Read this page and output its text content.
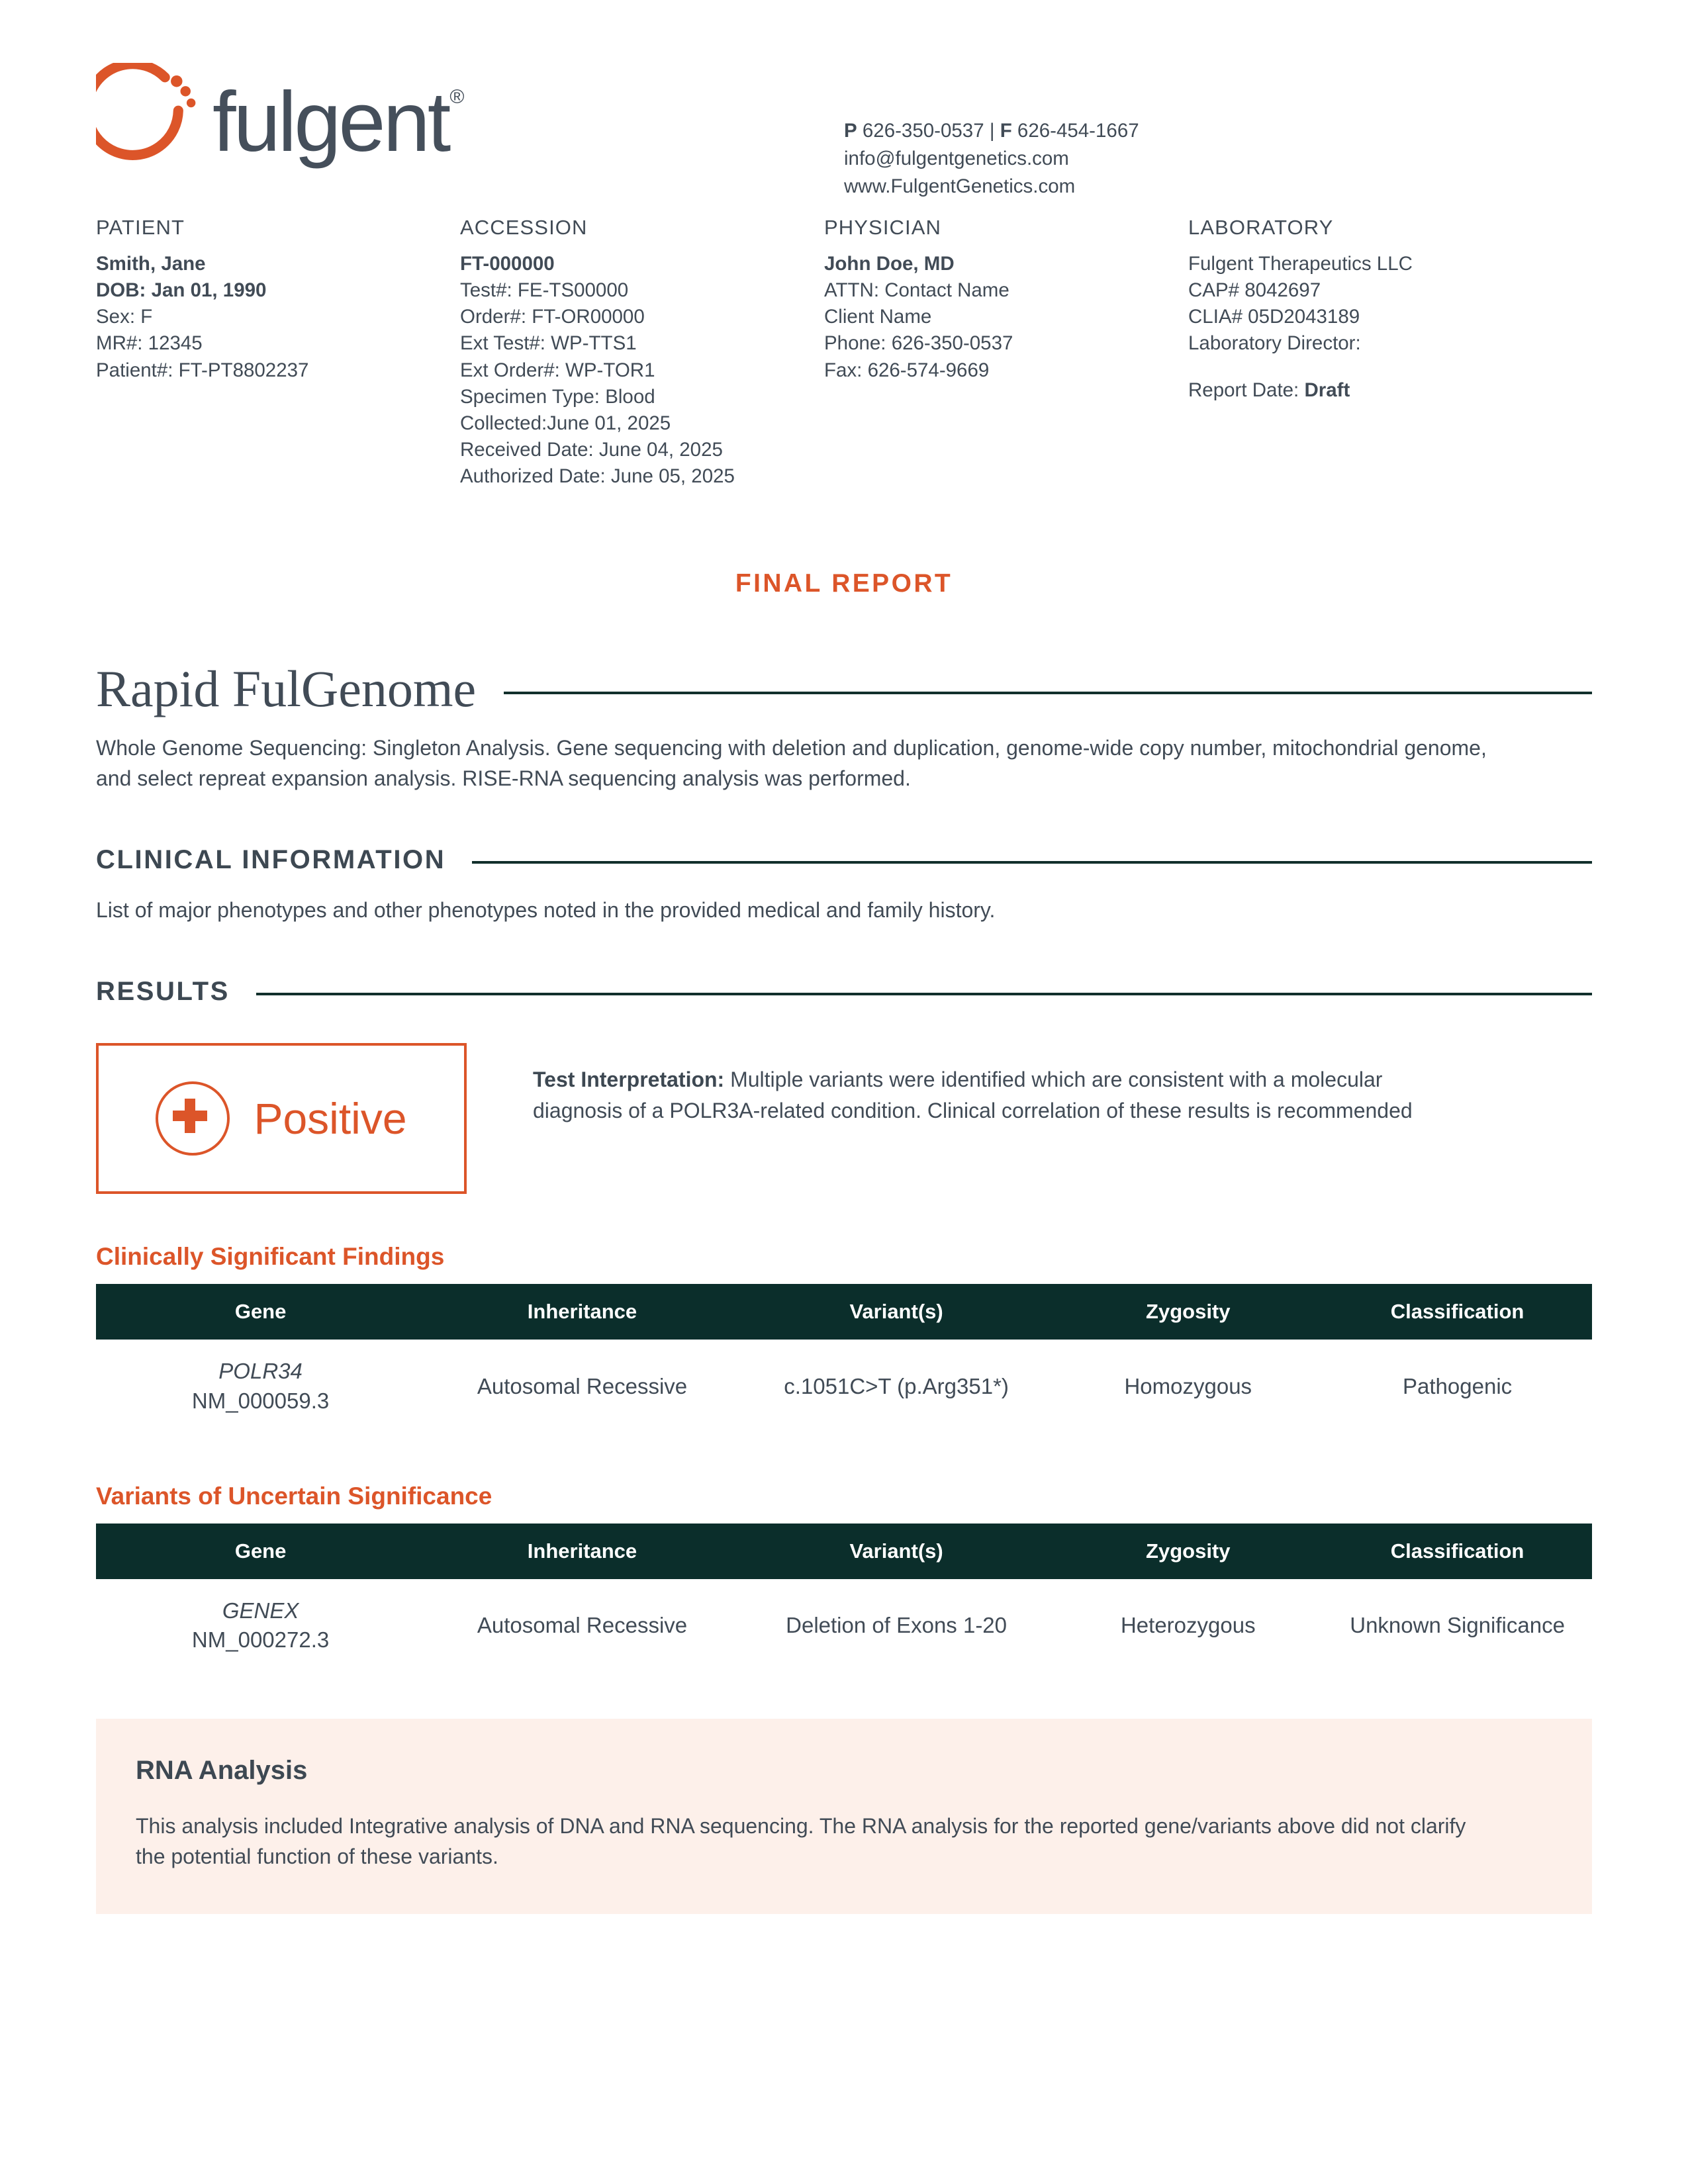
fulgent®
P 626-350-0537 | F 626-454-1667
info@fulgentgenetics.com
www.FulgentGenetics.com
PATIENT
Smith, Jane
DOB: Jan 01, 1990
Sex: F
MR#: 12345
Patient#: FT-PT8802237
ACCESSION
FT-000000
Test#: FE-TS00000
Order#: FT-OR00000
Ext Test#: WP-TTS1
Ext Order#: WP-TOR1
Specimen Type: Blood
Collected:June 01, 2025
Received Date: June 04, 2025
Authorized Date: June 05, 2025
PHYSICIAN
John Doe, MD
ATTN: Contact Name
Client Name
Phone: 626-350-0537
Fax: 626-574-9669
LABORATORY
Fulgent Therapeutics LLC
CAP# 8042697
CLIA# 05D2043189
Laboratory Director:
Report Date: Draft
FINAL REPORT
Rapid FulGenome
Whole Genome Sequencing: Singleton Analysis. Gene sequencing with deletion and duplication, genome-wide copy number, mitochondrial genome, and select repreat expansion analysis. RISE-RNA sequencing analysis was performed.
CLINICAL INFORMATION
List of major phenotypes and other phenotypes noted in the provided medical and family history.
RESULTS
Positive
Test Interpretation: Multiple variants were identified which are consistent with a molecular diagnosis of a POLR3A-related condition. Clinical correlation of these results is recommended
Clinically Significant Findings
Gene	Inheritance	Variant(s)	Zygosity	Classification

POLR34
NM_000059.3	Autosomal Recessive	c.1051C>T (p.Arg351*)	Homozygous	Pathogenic
Variants of Uncertain Significance
Gene	Inheritance	Variant(s)	Zygosity	Classification

GENEX
NM_000272.3	Autosomal Recessive	Deletion of Exons 1-20	Heterozygous	Unknown Significance
RNA Analysis
This analysis included Integrative analysis of DNA and RNA sequencing. The RNA analysis for the reported gene/variants above did not clarify the potential function of these variants.
